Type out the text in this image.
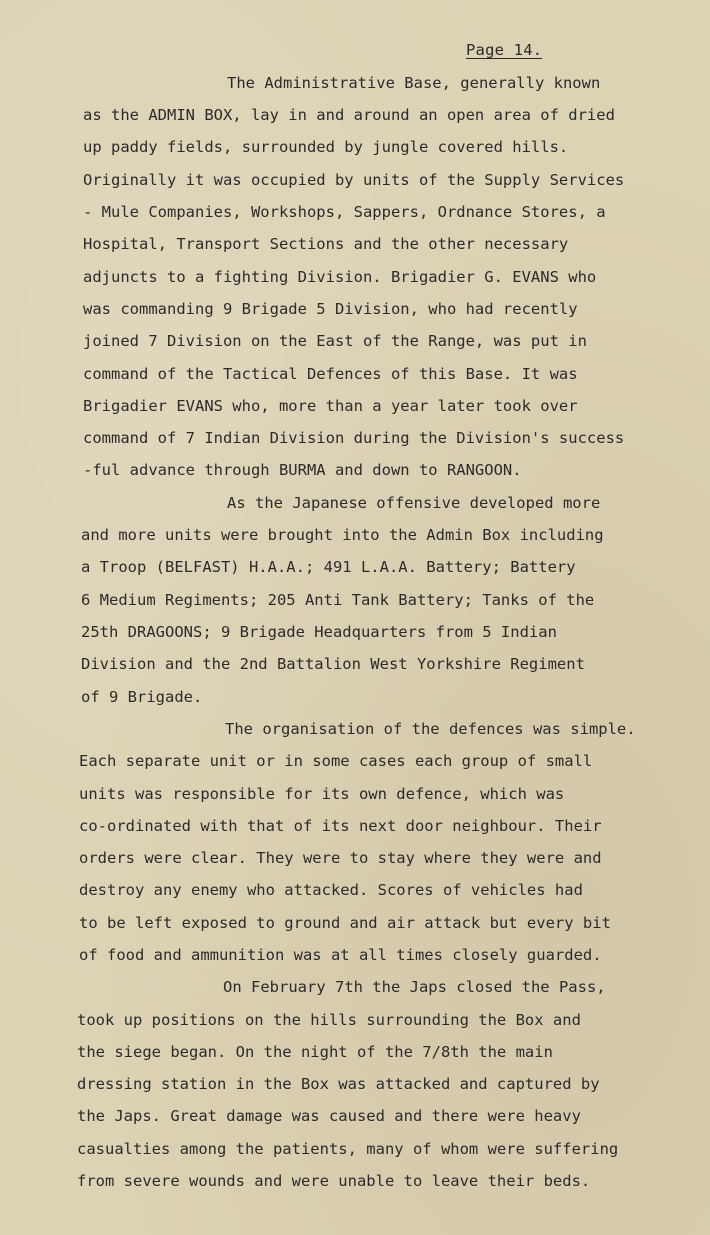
Page 14.
The Administrative Base, generally known
as the ADMIN BOX, lay in and around an open area of dried
up paddy fields, surrounded by jungle covered hills.
Originally it was occupied by units of the Supply Services
- Mule Companies, Workshops, Sappers, Ordnance Stores, a
Hospital, Transport Sections and the other necessary
adjuncts to a fighting Division. Brigadier G. EVANS who
was commanding 9 Brigade 5 Division, who had recently
joined 7 Division on the East of the Range, was put in
command of the Tactical Defences of this Base. It was
Brigadier EVANS who, more than a year later took over
command of 7 Indian Division during the Division's success
-ful advance through BURMA and down to RANGOON.
As the Japanese offensive developed more
and more units were brought into the Admin Box including
a Troop (BELFAST) H.A.A.; 491 L.A.A. Battery; Battery
6 Medium Regiments; 205 Anti Tank Battery; Tanks of the
25th DRAGOONS; 9 Brigade Headquarters from 5 Indian
Division and the 2nd Battalion West Yorkshire Regiment
of 9 Brigade.
The organisation of the defences was simple.
Each separate unit or in some cases each group of small
units was responsible for its own defence, which was
co-ordinated with that of its next door neighbour. Their
orders were clear. They were to stay where they were and
destroy any enemy who attacked. Scores of vehicles had
to be left exposed to ground and air attack but every bit
of food and ammunition was at all times closely guarded.
On February 7th the Japs closed the Pass,
took up positions on the hills surrounding the Box and
the siege began. On the night of the 7/8th the main
dressing station in the Box was attacked and captured by
the Japs. Great damage was caused and there were heavy
casualties among the patients, many of whom were suffering
from severe wounds and were unable to leave their beds.
